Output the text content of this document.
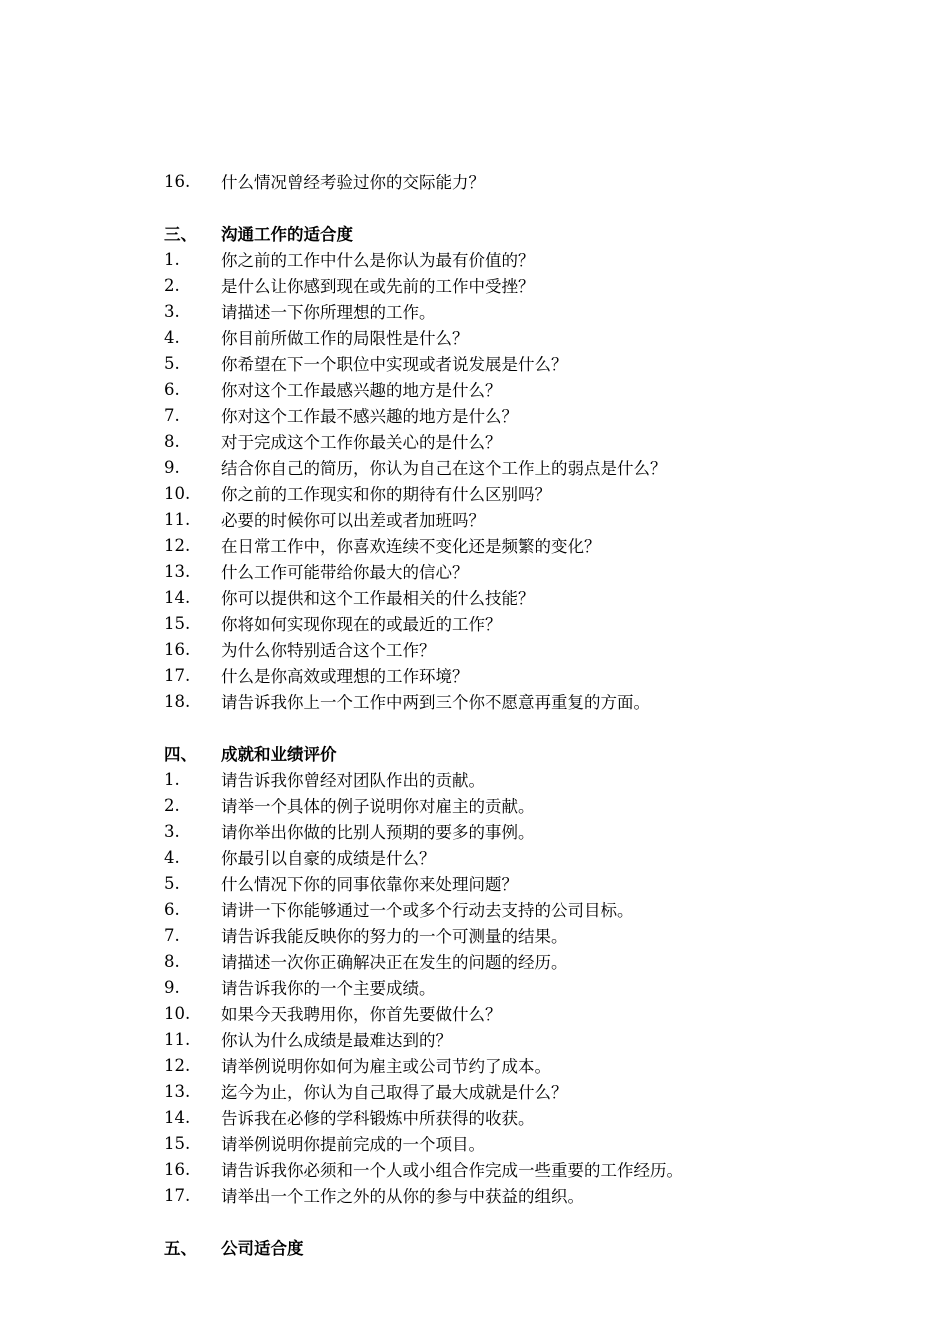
16.	什么情况曾经考验过你的交际能力？
三、	沟通工作的适合度
1.	你之前的工作中什么是你认为最有价值的？
2.	是什么让你感到现在或先前的工作中受挫？
3.	请描述一下你所理想的工作。
4.	你目前所做工作的局限性是什么？
5.	你希望在下一个职位中实现或者说发展是什么？
6.	你对这个工作最感兴趣的地方是什么？
7.	你对这个工作最不感兴趣的地方是什么？
8.	对于完成这个工作你最关心的是什么？
9.	结合你自己的简历，你认为自己在这个工作上的弱点是什么？
10.	你之前的工作现实和你的期待有什么区别吗？
11.	必要的时候你可以出差或者加班吗？
12.	在日常工作中，你喜欢连续不变化还是频繁的变化？
13.	什么工作可能带给你最大的信心？
14.	你可以提供和这个工作最相关的什么技能？
15.	你将如何实现你现在的或最近的工作？
16.	为什么你特别适合这个工作？
17.	什么是你高效或理想的工作环境？
18.	请告诉我你上一个工作中两到三个你不愿意再重复的方面。
四、	成就和业绩评价
1.	请告诉我你曾经对团队作出的贡献。
2.	请举一个具体的例子说明你对雇主的贡献。
3.	请你举出你做的比别人预期的要多的事例。
4.	你最引以自豪的成绩是什么？
5.	什么情况下你的同事依靠你来处理问题？
6.	请讲一下你能够通过一个或多个行动去支持的公司目标。
7.	请告诉我能反映你的努力的一个可测量的结果。
8.	请描述一次你正确解决正在发生的问题的经历。
9.	请告诉我你的一个主要成绩。
10.	如果今天我聘用你，你首先要做什么？
11.	你认为什么成绩是最难达到的？
12.	请举例说明你如何为雇主或公司节约了成本。
13.	迄今为止，你认为自己取得了最大成就是什么？
14.	告诉我在必修的学科锻炼中所获得的收获。
15.	请举例说明你提前完成的一个项目。
16.	请告诉我你必须和一个人或小组合作完成一些重要的工作经历。
17.	请举出一个工作之外的从你的参与中获益的组织。
五、	公司适合度
